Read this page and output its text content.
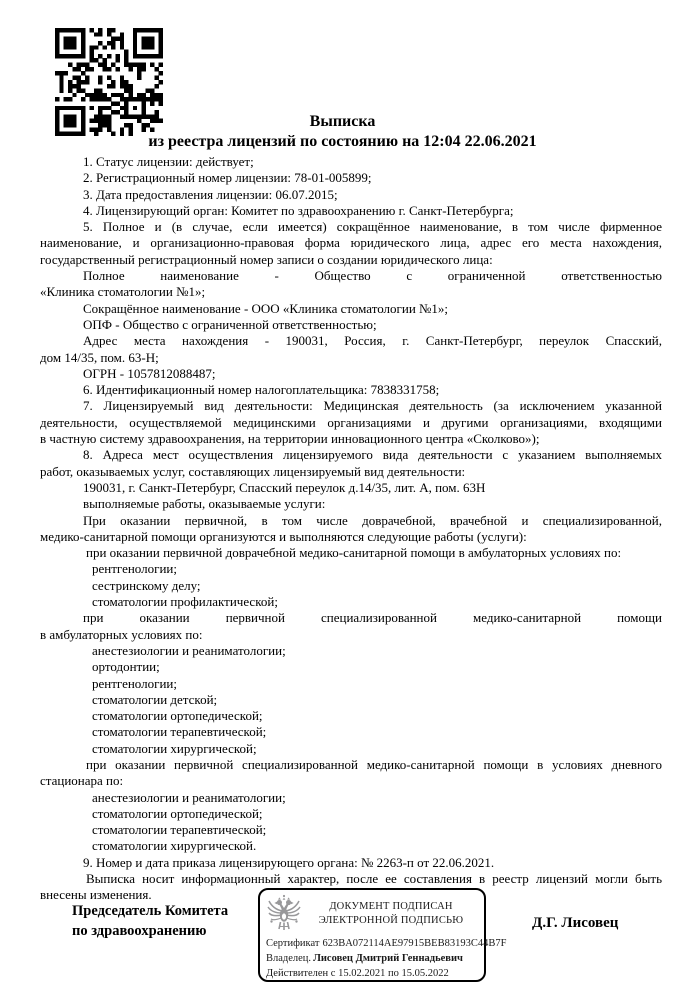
Выписка
из реестра лицензий по состоянию на 12:04 22.06.2021
1. Статус лицензии: действует;
2. Регистрационный номер лицензии: 78-01-005899;
3. Дата предоставления лицензии: 06.07.2015;
4. Лицензирующий орган: Комитет по здравоохранению г. Санкт-Петербурга;
5. Полное и (в случае, если имеется) сокращённое наименование, в том числе фирменное
наименование, и организационно-правовая форма юридического лица, адрес его места нахождения,
государственный регистрационный номер записи о создании юридического лица:
Полное наименование - Общество с ограниченной ответственностью
«Клиника стоматологии №1»;
Сокращённое наименование - ООО «Клиника стоматологии №1»;
ОПФ - Общество с ограниченной ответственностью;
Адрес места нахождения - 190031, Россия, г. Санкт-Петербург, переулок Спасский,
дом 14/35, пом. 63-Н;
ОГРН - 1057812088487;
6. Идентификационный номер налогоплательщика: 7838331758;
7. Лицензируемый вид деятельности: Медицинская деятельность (за исключением указанной
деятельности, осуществляемой медицинскими организациями и другими организациями, входящими
в частную систему здравоохранения, на территории инновационного центра «Сколково»);
8. Адреса мест осуществления лицензируемого вида деятельности с указанием выполняемых
работ, оказываемых услуг, составляющих лицензируемый вид деятельности:
190031, г. Санкт-Петербург, Спасский переулок д.14/35, лит. А, пом. 63Н
выполняемые работы, оказываемые услуги:
При оказании первичной, в том числе доврачебной, врачебной и специализированной,
медико-санитарной помощи организуются и выполняются следующие работы (услуги):
при оказании первичной доврачебной медико-санитарной помощи в амбулаторных условиях по:
рентгенологии;
сестринскому делу;
стоматологии профилактической;
при оказании первичной специализированной медико-санитарной помощи
в амбулаторных условиях по:
анестезиологии и реаниматологии;
ортодонтии;
рентгенологии;
стоматологии детской;
стоматологии ортопедической;
стоматологии терапевтической;
стоматологии хирургической;
при оказании первичной специализированной медико-санитарной помощи в условиях дневного
стационара по:
анестезиологии и реаниматологии;
стоматологии ортопедической;
стоматологии терапевтической;
стоматологии хирургической.
9. Номер и дата приказа лицензирующего органа: № 2263-п от 22.06.2021.
Выписка носит информационный характер, после ее составления в реестр лицензий могли быть
внесены изменения.
Председатель Комитета
по здравоохранению
ДОКУМЕНТ ПОДПИСАН
ЭЛЕКТРОННОЙ ПОДПИСЬЮ
Сертификат 623BA072114AE97915BEB83193C44B7F
Владелец. Лисовец Дмитрий Геннадьевич
Действителен с 15.02.2021 по 15.05.2022
Д.Г. Лисовец
